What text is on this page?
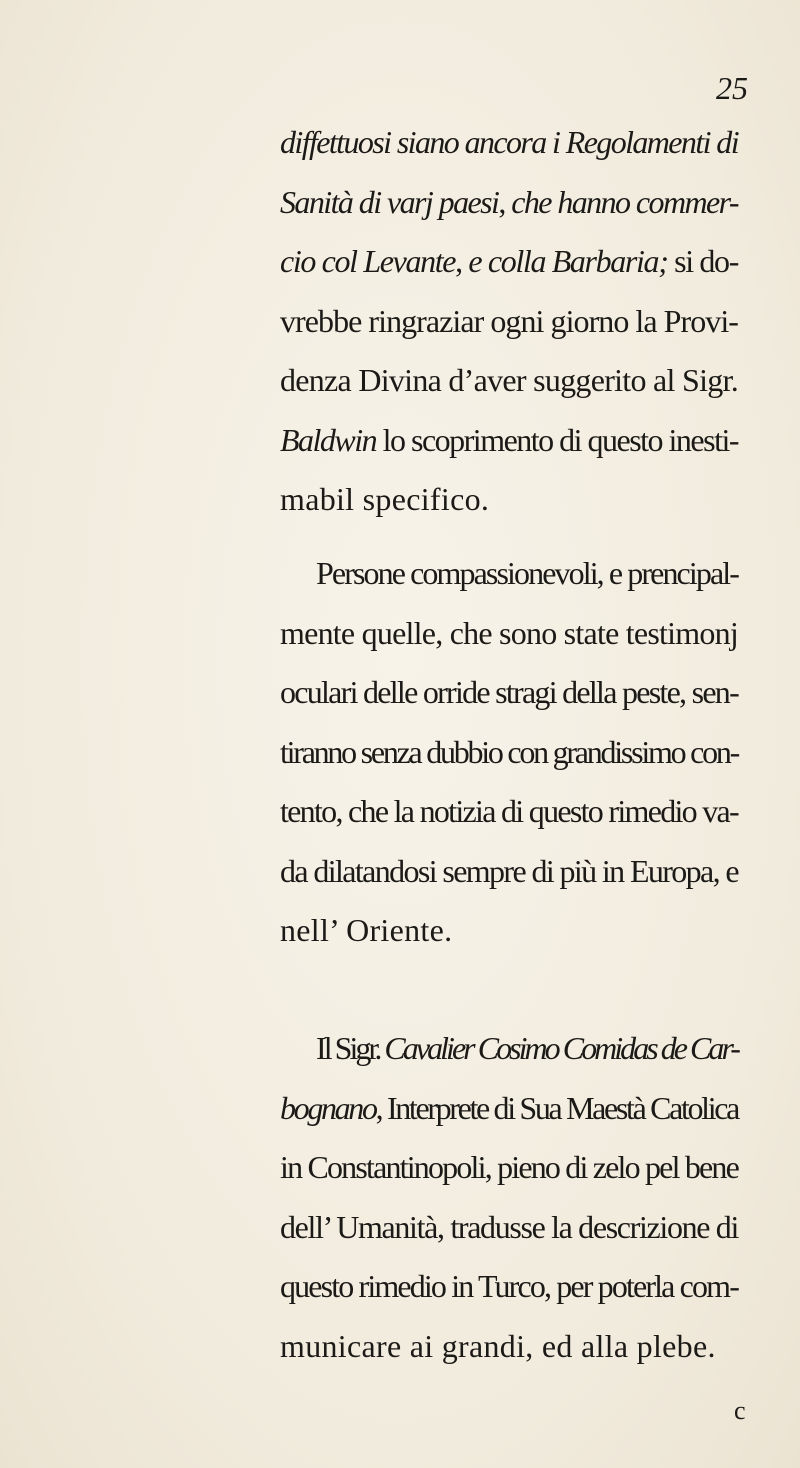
25
c
diffettuosi siano ancora i Regolamenti di
Sanità di varj paesi, che hanno commer-
cio col Levante, e colla Barbaria; si do-
vrebbe ringraziar ogni giorno la Provi-
denza Divina d’aver suggerito al Sigr.
Baldwin lo scoprimento di questo inesti-
mabil specifico.
Persone compassionevoli, e prencipal-
mente quelle, che sono state testimonj
oculari delle orride stragi della peste, sen-
tiranno senza dubbio con grandissimo con-
tento, che la notizia di questo rimedio va-
da dilatandosi sempre di più in Europa, e
nell’ Oriente.
Il Sigr. Cavalier Cosimo Comidas de Car-
bognano, Interprete di Sua Maestà Catolica
in Constantinopoli, pieno di zelo pel bene
dell’ Umanità, tradusse la descrizione di
questo rimedio in Turco, per poterla com-
municare ai grandi, ed alla plebe.
